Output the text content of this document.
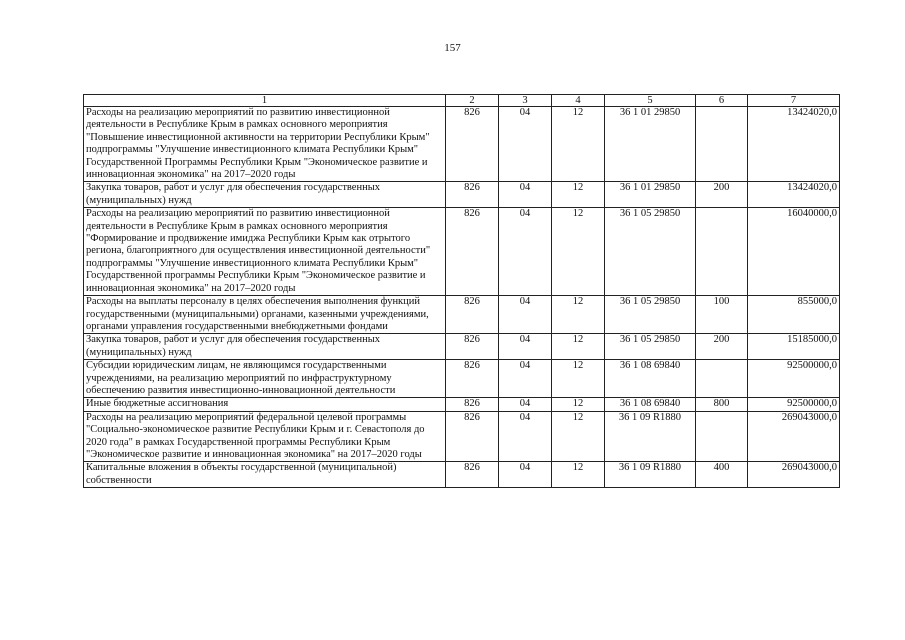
157
1	2	3	4	5	6	7
Расходы на реализацию мероприятий по развитию инвестиционной деятельности в Республике Крым в рамках основного мероприятия "Повышение инвестиционной активности на территории Республики Крым" подпрограммы "Улучшение инвестиционного климата Республики Крым" Государственной Программы Республики Крым "Экономическое развитие и инновационная экономика" на 2017–2020 годы	826	04	12	36 1 01 29850		13424020,0
Закупка товаров, работ и услуг для обеспечения государственных (муниципальных) нужд	826	04	12	36 1 01 29850	200	13424020,0
Расходы на реализацию мероприятий по развитию инвестиционной деятельности в Республике Крым в рамках основного мероприятия "Формирование и продвижение имиджа Республики Крым как отрытого региона, благоприятного для осуществления инвестиционной деятельности" подпрограммы "Улучшение инвестиционного климата Республики Крым" Государственной программы Республики Крым "Экономическое развитие и инновационная экономика" на 2017–2020 годы	826	04	12	36 1 05 29850		16040000,0
Расходы на выплаты персоналу в целях обеспечения выполнения функций государственными (муниципальными) органами, казенными учреждениями, органами управления государственными внебюджетными фондами	826	04	12	36 1 05 29850	100	855000,0
Закупка товаров, работ и услуг для обеспечения государственных (муниципальных) нужд	826	04	12	36 1 05 29850	200	15185000,0
Субсидии юридическим лицам, не являющимся государственными учреждениями, на реализацию мероприятий по инфраструктурному обеспечению развития инвестиционно-инновационной деятельности	826	04	12	36 1 08 69840		92500000,0
Иные бюджетные ассигнования	826	04	12	36 1 08 69840	800	92500000,0
Расходы на реализацию мероприятий федеральной целевой программы "Социально-экономическое развитие Республики Крым и г. Севастополя до 2020 года" в рамках Государственной программы Республики Крым "Экономическое развитие и инновационная экономика" на 2017–2020 годы	826	04	12	36 1 09 R1880		269043000,0
Капитальные вложения в объекты государственной (муниципальной) собственности	826	04	12	36 1 09 R1880	400	269043000,0
